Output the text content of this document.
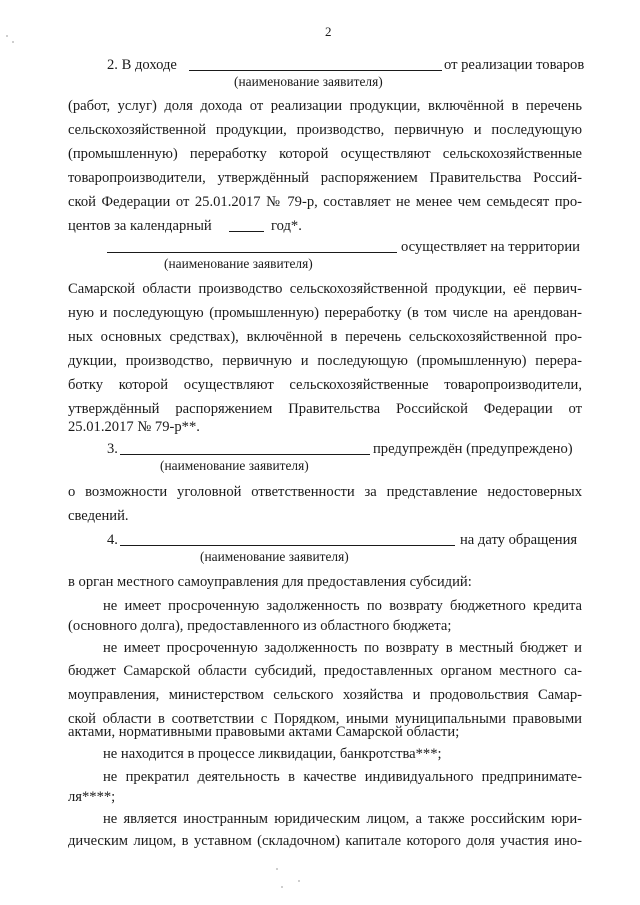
2
2. В доходе	от реализации товаров
(наименование заявителя)
(работ, услуг) доля дохода от реализации продукции, включённой в перечень
сельскохозяйственной продукции, производство, первичную и последующую
(промышленную) переработку которой осуществляют сельскохозяйственные
товаропроизводители, утверждённый распоряжением Правительства Россий-
ской Федерации от 25.01.2017 № 79-р, составляет не менее чем семьдесят про-
центов за календарный	год*.
осуществляет на территории
(наименование заявителя)
Самарской области производство сельскохозяйственной продукции, её первич-
ную и последующую (промышленную) переработку (в том числе на арендован-
ных основных средствах), включённой в перечень сельскохозяйственной про-
дукции, производство, первичную и последующую (промышленную) перера-
ботку которой осуществляют сельскохозяйственные товаропроизводители,
утверждённый распоряжением Правительства Российской Федерации от
25.01.2017 № 79-р**.
3.	предупреждён (предупреждено)
(наименование заявителя)
о возможности уголовной ответственности за представление недостоверных
сведений.
4.	на дату обращения
(наименование заявителя)
в орган местного самоуправления для предоставления субсидий:
не имеет просроченную задолженность по возврату бюджетного кредита
(основного долга), предоставленного из областного бюджета;
не имеет просроченную задолженность по возврату в местный бюджет и
бюджет Самарской области субсидий, предоставленных органом местного са-
моуправления, министерством сельского хозяйства и продовольствия Самар-
ской области в соответствии с Порядком, иными муниципальными правовыми
актами, нормативными правовыми актами Самарской области;
не находится в процессе ликвидации, банкротства***;
не прекратил деятельность в качестве индивидуального предпринимате-
ля****;
не является иностранным юридическим лицом, а также российским юри-
дическим лицом, в уставном (складочном) капитале которого доля участия ино-
